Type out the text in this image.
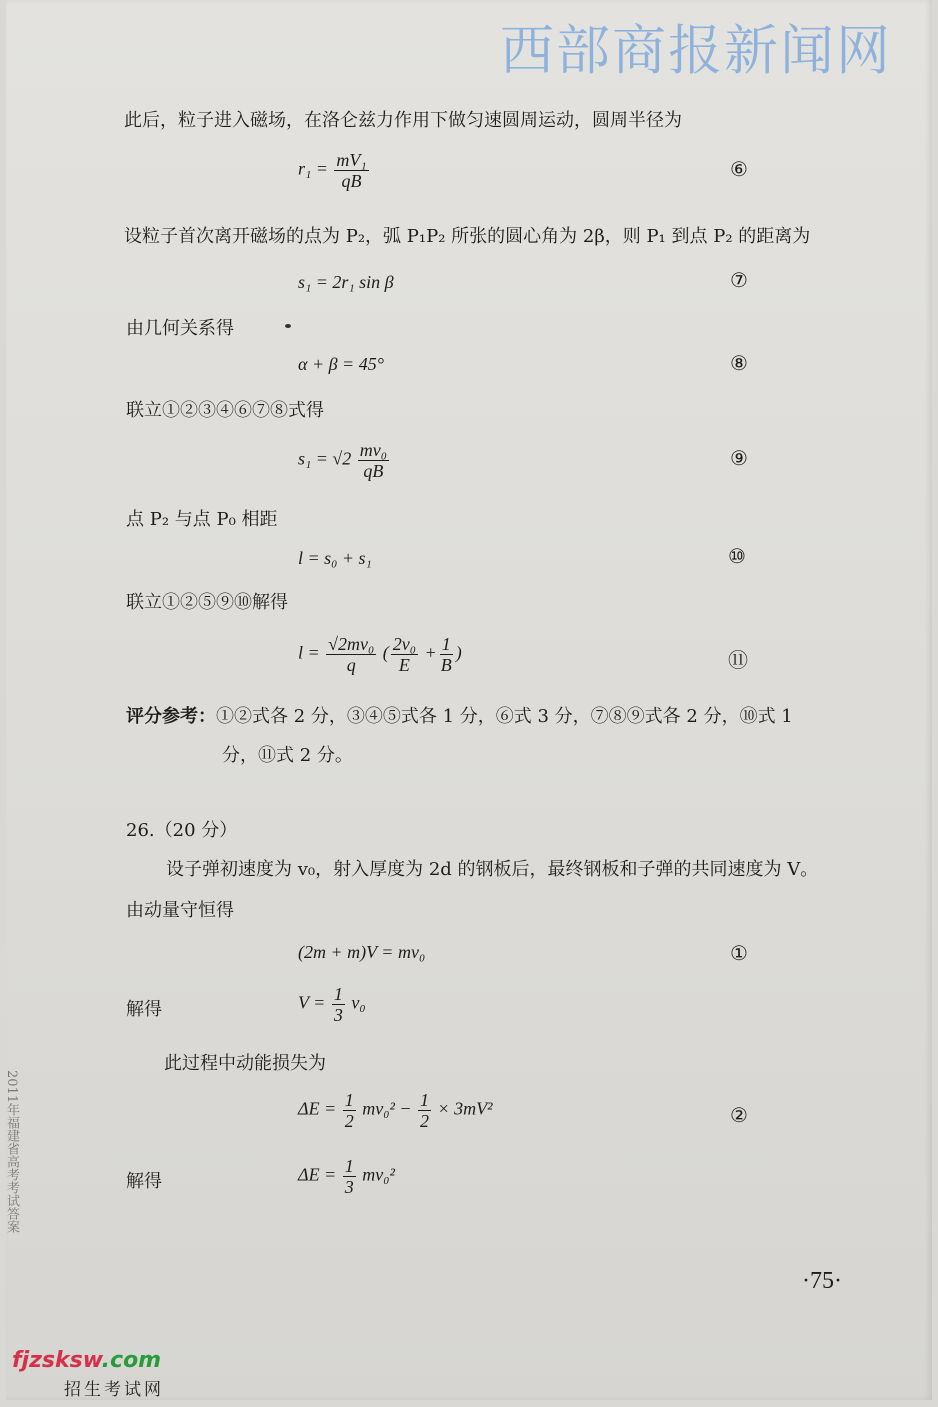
西部商报新闻网
2011年福建省高考考试答案
此后，粒子进入磁场，在洛仑兹力作用下做匀速圆周运动，圆周半径为
$r_1 = \frac{\text{mV₁}}{qB}$	⑥
设粒子首次离开磁场的点为 P₂，弧 P₁P₂ 所张的圆心角为 2β，则 P₁ 到点 P₂ 的距离为
s₁ = 2r₁ sin β	⑦
由几何关系得
α + β = 45°	⑧
联立①②③④⑥⑦⑧式得
$s_1 = √2 \frac{\text{mv₀}}{qB}$	⑨
点 P₂ 与点 P₀ 相距
l = s₀ + s₁	⑩
联立①②⑤⑨⑩解得
$l = \frac{\text{√2mv₀}}{q}$ ( $\frac{\text{2v₀}}{E} + \frac{1}{B}$ )	⑪
评分参考：①②式各 2 分，③④⑤式各 1 分，⑥式 3 分，⑦⑧⑨式各 2 分，⑩式 1
分，⑪式 2 分。
26.（20 分）
设子弹初速度为 v₀，射入厚度为 2d 的钢板后，最终钢板和子弹的共同速度为 V。
由动量守恒得
(2m + m)V = mv₀	①
解得	$V = \frac{1}{3} v_0$
此过程中动能损失为
$\Delta E = \frac{1}{2} mv_0^2 - \frac{1}{2} \times 3mV^2$	②
解得	$\Delta E = \frac{1}{3} mv_0^2$
·75·
fjzsksw.com
招生考试网
